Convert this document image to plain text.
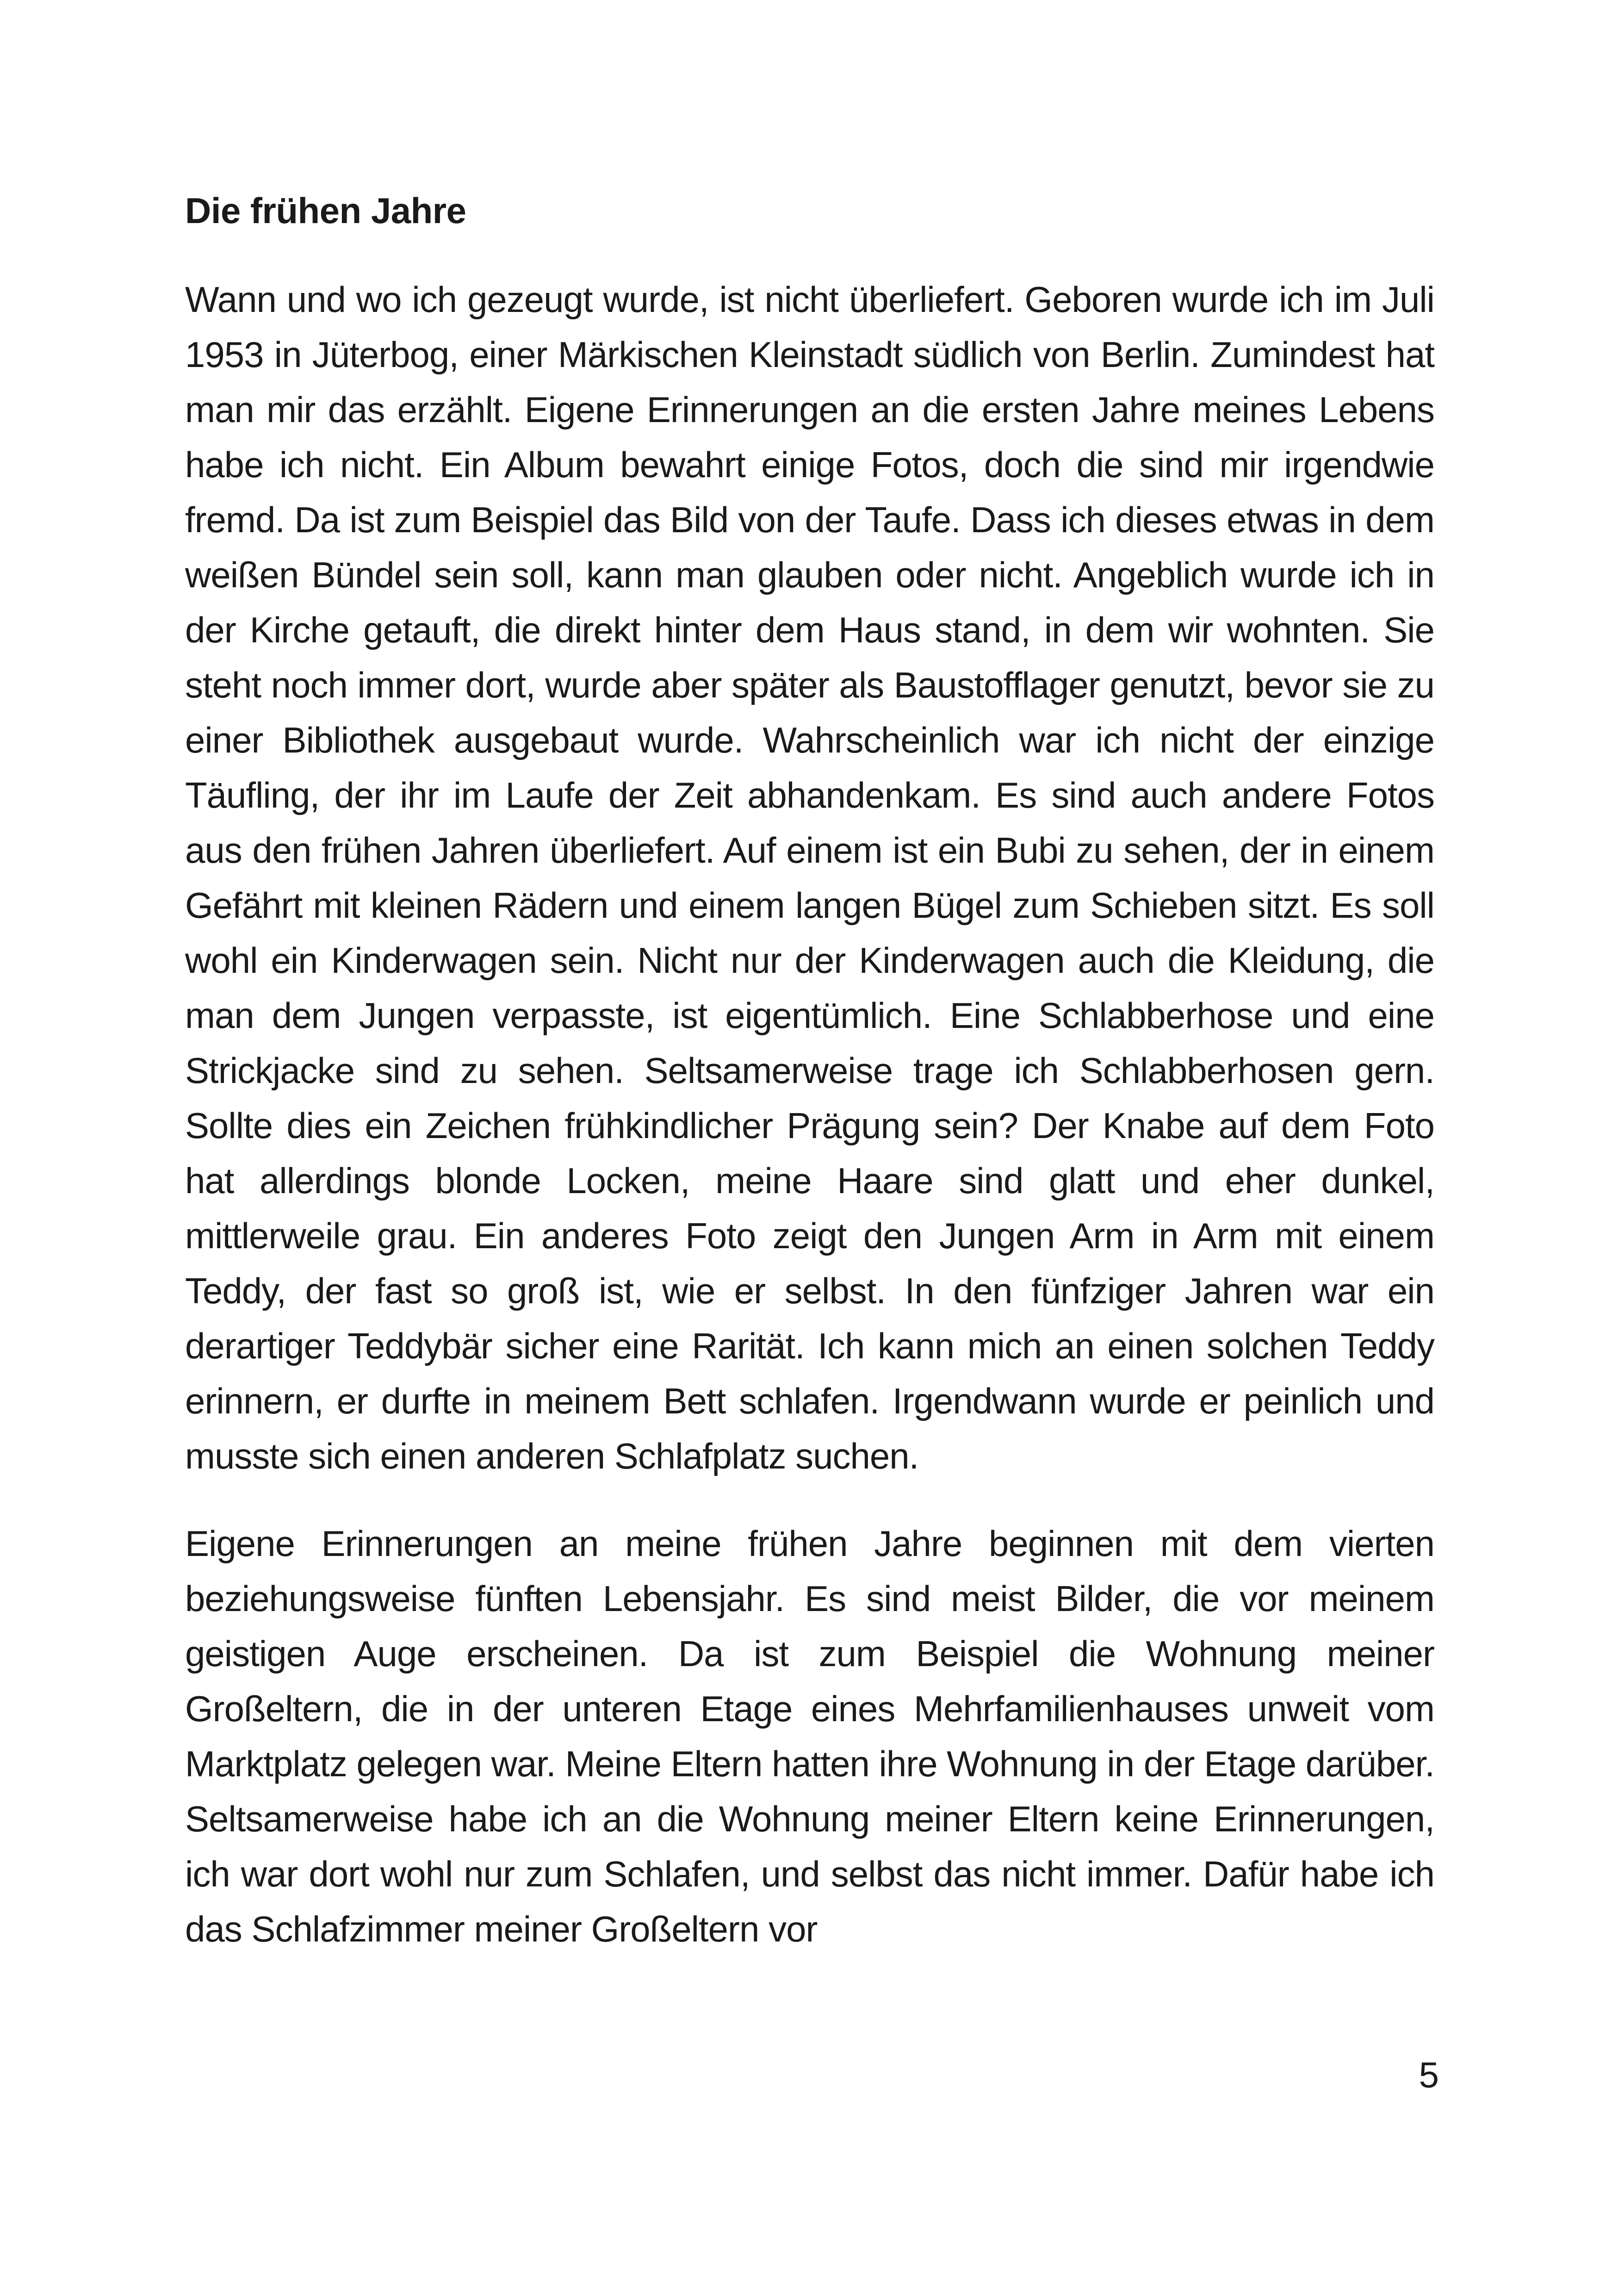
Die frühen Jahre

Wann und wo ich gezeugt wurde, ist nicht überliefert. Geboren wurde ich im Juli 1953 in Jüterbog, einer Märkischen Kleinstadt südlich von Berlin. Zumindest hat man mir das erzählt. Eigene Erinnerungen an die ersten Jahre meines Lebens habe ich nicht. Ein Album bewahrt einige Fotos, doch die sind mir irgendwie fremd. Da ist zum Beispiel das Bild von der Taufe. Dass ich dieses etwas in dem weißen Bündel sein soll, kann man glauben oder nicht. Angeblich wurde ich in der Kirche getauft, die direkt hinter dem Haus stand, in dem wir wohnten. Sie steht noch immer dort, wurde aber später als Baustofflager genutzt, bevor sie zu einer Bibliothek ausgebaut wurde. Wahrscheinlich war ich nicht der einzige Täufling, der ihr im Laufe der Zeit abhandenkam. Es sind auch andere Fotos aus den frühen Jahren überliefert. Auf einem ist ein Bubi zu sehen, der in einem Gefährt mit kleinen Rädern und einem langen Bügel zum Schieben sitzt. Es soll wohl ein Kinderwagen sein. Nicht nur der Kinderwagen auch die Kleidung, die man dem Jungen verpasste, ist eigentümlich. Eine Schlabberhose und eine Strickjacke sind zu sehen. Seltsamerweise trage ich Schlabberhosen gern. Sollte dies ein Zeichen frühkindlicher Prägung sein? Der Knabe auf dem Foto hat allerdings blonde Locken, meine Haare sind glatt und eher dunkel, mittlerweile grau. Ein anderes Foto zeigt den Jungen Arm in Arm mit einem Teddy, der fast so groß ist, wie er selbst. In den fünfziger Jahren war ein derartiger Teddybär sicher eine Rarität. Ich kann mich an einen solchen Teddy erinnern, er durfte in meinem Bett schlafen. Irgendwann wurde er peinlich und musste sich einen anderen Schlafplatz suchen.

Eigene Erinnerungen an meine frühen Jahre beginnen mit dem vierten beziehungsweise fünften Lebensjahr. Es sind meist Bilder, die vor meinem geistigen Auge erscheinen. Da ist zum Beispiel die Wohnung meiner Großeltern, die in der unteren Etage eines Mehrfamilienhauses unweit vom Marktplatz gelegen war. Meine Eltern hatten ihre Wohnung in der Etage darüber. Seltsamerweise habe ich an die Wohnung meiner Eltern keine Erinnerungen, ich war dort wohl nur zum Schlafen, und selbst das nicht immer. Dafür habe ich das Schlafzimmer meiner Großeltern vor

5
